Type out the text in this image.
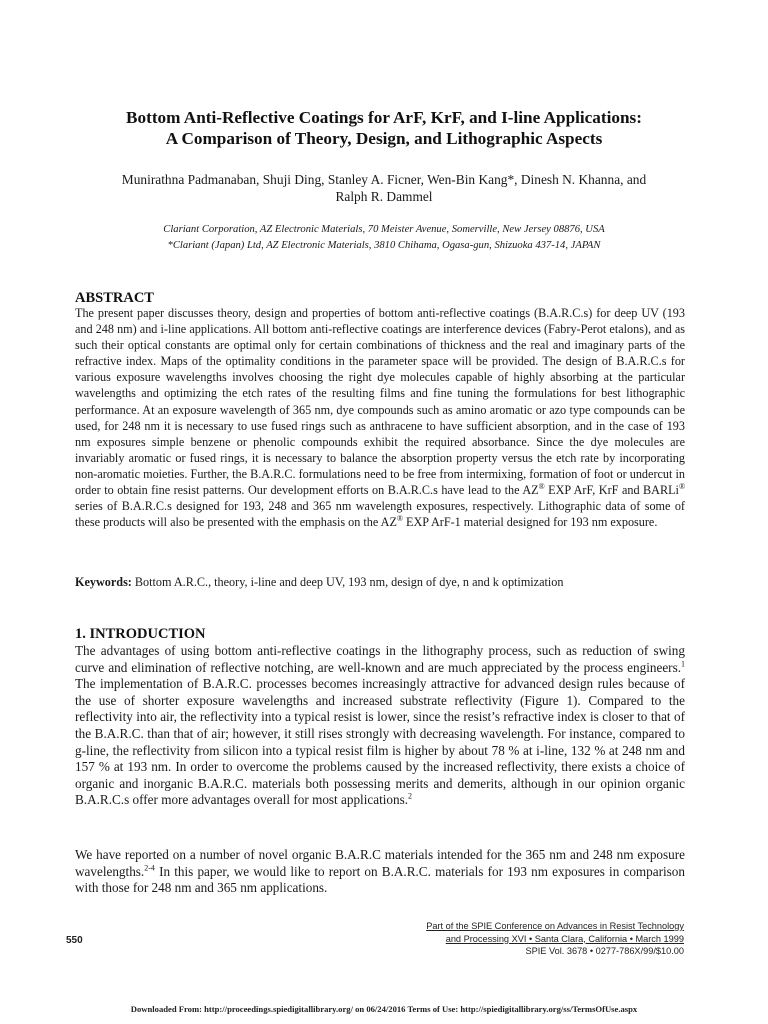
Bottom Anti-Reflective Coatings for ArF, KrF, and I-line Applications:
A Comparison of Theory, Design, and Lithographic Aspects
Munirathna Padmanaban, Shuji Ding, Stanley A. Ficner, Wen-Bin Kang*, Dinesh N. Khanna, and
Ralph R. Dammel
Clariant Corporation, AZ Electronic Materials, 70 Meister Avenue, Somerville, New Jersey 08876, USA
*Clariant (Japan) Ltd, AZ Electronic Materials, 3810 Chihama, Ogasa-gun, Shizuoka 437-14, JAPAN
ABSTRACT
The present paper discusses theory, design and properties of bottom anti-reflective coatings (B.A.R.C.s) for deep UV (193 and 248 nm) and i-line applications. All bottom anti-reflective coatings are interference devices (Fabry-Perot etalons), and as such their optical constants are optimal only for certain combinations of thickness and the real and imaginary parts of the refractive index. Maps of the optimality conditions in the parameter space will be provided. The design of B.A.R.C.s for various exposure wavelengths involves choosing the right dye molecules capable of highly absorbing at the particular wavelengths and optimizing the etch rates of the resulting films and fine tuning the formulations for best lithographic performance. At an exposure wavelength of 365 nm, dye compounds such as amino aromatic or azo type compounds can be used, for 248 nm it is necessary to use fused rings such as anthracene to have sufficient absorption, and in the case of 193 nm exposures simple benzene or phenolic compounds exhibit the required absorbance. Since the dye molecules are invariably aromatic or fused rings, it is necessary to balance the absorption property versus the etch rate by incorporating non-aromatic moieties. Further, the B.A.R.C. formulations need to be free from intermixing, formation of foot or undercut in order to obtain fine resist patterns. Our development efforts on B.A.R.C.s have lead to the AZ® EXP ArF, KrF and BARLi® series of B.A.R.C.s designed for 193, 248 and 365 nm wavelength exposures, respectively. Lithographic data of some of these products will also be presented with the emphasis on the AZ® EXP ArF-1 material designed for 193 nm exposure.
Keywords: Bottom A.R.C., theory, i-line and deep UV, 193 nm, design of dye, n and k optimization
1. INTRODUCTION
The advantages of using bottom anti-reflective coatings in the lithography process, such as reduction of swing curve and elimination of reflective notching, are well-known and are much appreciated by the process engineers.$^1$ The implementation of B.A.R.C. processes becomes increasingly attractive for advanced design rules because of the use of shorter exposure wavelengths and increased substrate reflectivity (Figure 1). Compared to the reflectivity into air, the reflectivity into a typical resist is lower, since the resist’s refractive index is closer to that of the B.A.R.C. than that of air; however, it still rises strongly with decreasing wavelength. For instance, compared to g-line, the reflectivity from silicon into a typical resist film is higher by about 78 % at i-line, 132 % at 248 nm and 157 % at 193 nm. In order to overcome the problems caused by the increased reflectivity, there exists a choice of organic and inorganic B.A.R.C. materials both possessing merits and demerits, although in our opinion organic B.A.R.C.s offer more advantages overall for most applications.$^2$
We have reported on a number of novel organic B.A.R.C materials intended for the 365 nm and 248 nm exposure wavelengths.$^{2-4}$ In this paper, we would like to report on B.A.R.C. materials for 193 nm exposures in comparison with those for 248 nm and 365 nm applications.
550
Part of the SPIE Conference on Advances in Resist Technology
and Processing XVI • Santa Clara, California • March 1999
SPIE Vol. 3678 • 0277-786X/99/$10.00
Downloaded From: http://proceedings.spiedigitallibrary.org/ on 06/24/2016 Terms of Use: http://spiedigitallibrary.org/ss/TermsOfUse.aspx
